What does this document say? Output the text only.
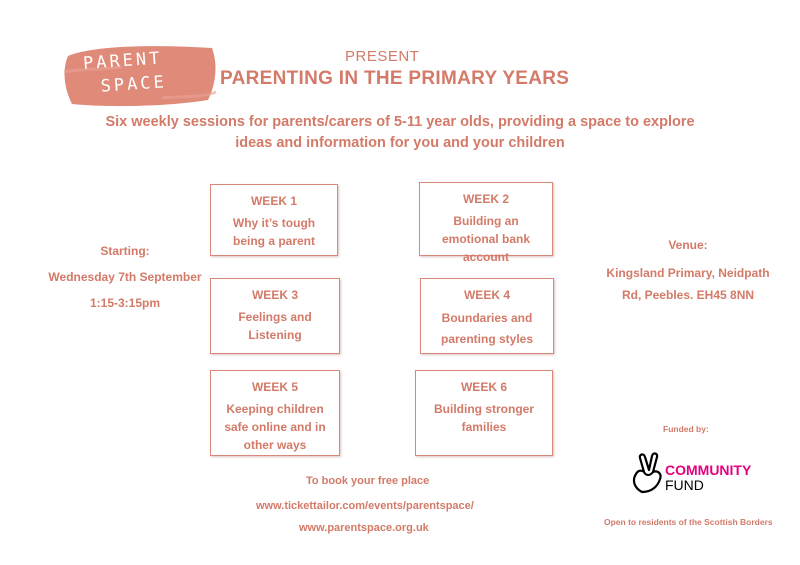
PARENT
SPACE
PRESENT
PARENTING IN THE PRIMARY YEARS
Six weekly sessions for parents/carers of 5-11 year olds, providing a space to explore
ideas and information for you and your children
Starting:
Wednesday 7th September
1:15-3:15pm
Venue:
Kingsland Primary, Neidpath
Rd, Peebles. EH45 8NN
WEEK 1
Why it’s tough being a parent
WEEK 2
Building an emotional bank account
WEEK 3
Feelings and Listening
WEEK 4
Boundaries and parenting styles
WEEK 5
Keeping children safe online and in other ways
WEEK 6
Building stronger families
To book your free place
www.tickettailor.com/events/parentspace/
www.parentspace.org.uk
Funded by:
COMMUNITY
FUND
Open to residents of the Scottish Borders
